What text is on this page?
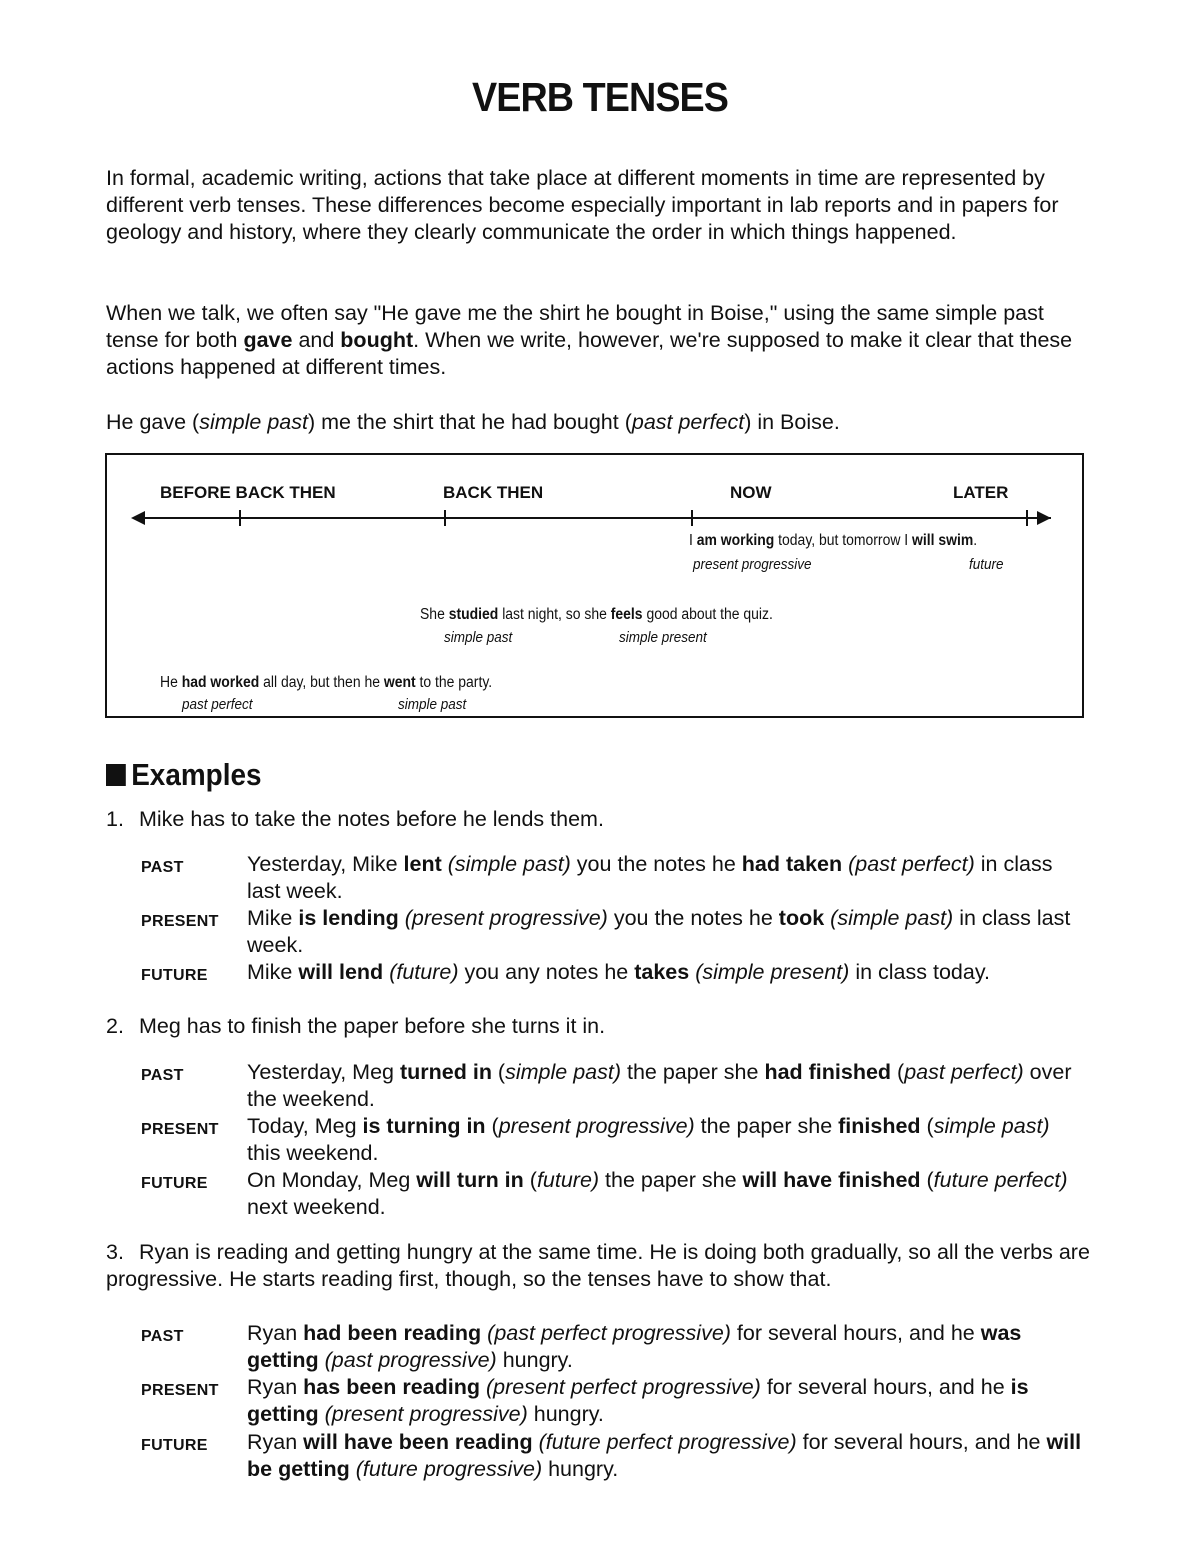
VERB TENSES

In formal, academic writing, actions that take place at different moments in time are represented by different verb tenses. These differences become especially important in lab reports and in papers for geology and history, where they clearly communicate the order in which things happened.

When we talk, we often say "He gave me the shirt he bought in Boise," using the same simple past tense for both gave and bought. When we write, however, we're supposed to make it clear that these actions happened at different times.

He gave (simple past) me the shirt that he had bought (past perfect) in Boise.

BEFORE BACK THEN	BACK THEN	NOW	LATER
I am working today, but tomorrow I will swim.
present progressive	future
She studied last night, so she feels good about the quiz.
simple past	simple present
He had worked all day, but then he went to the party.
past perfect	simple past
Examples

1. Mike has to take the notes before he lends them.

PAST	Yesterday, Mike lent (simple past) you the notes he had taken (past perfect) in class last week.
PRESENT Mike is lending (present progressive) you the notes he took (simple past) in class last week.
FUTURE Mike will lend (future) you any notes he takes (simple present) in class today.

2. Meg has to finish the paper before she turns it in.

PAST	Yesterday, Meg turned in (simple past) the paper she had finished (past perfect) over the weekend.
PRESENT Today, Meg is turning in (present progressive) the paper she finished (simple past) this weekend.
FUTURE On Monday, Meg will turn in (future) the paper she will have finished (future perfect) next weekend.

3. Ryan is reading and getting hungry at the same time. He is doing both gradually, so all the verbs are progressive. He starts reading first, though, so the tenses have to show that.

PAST	Ryan had been reading (past perfect progressive) for several hours, and he was getting (past progressive) hungry.
PRESENT Ryan has been reading (present perfect progressive) for several hours, and he is getting (present progressive) hungry.
FUTURE Ryan will have been reading (future perfect progressive) for several hours, and he will be getting (future progressive) hungry.
